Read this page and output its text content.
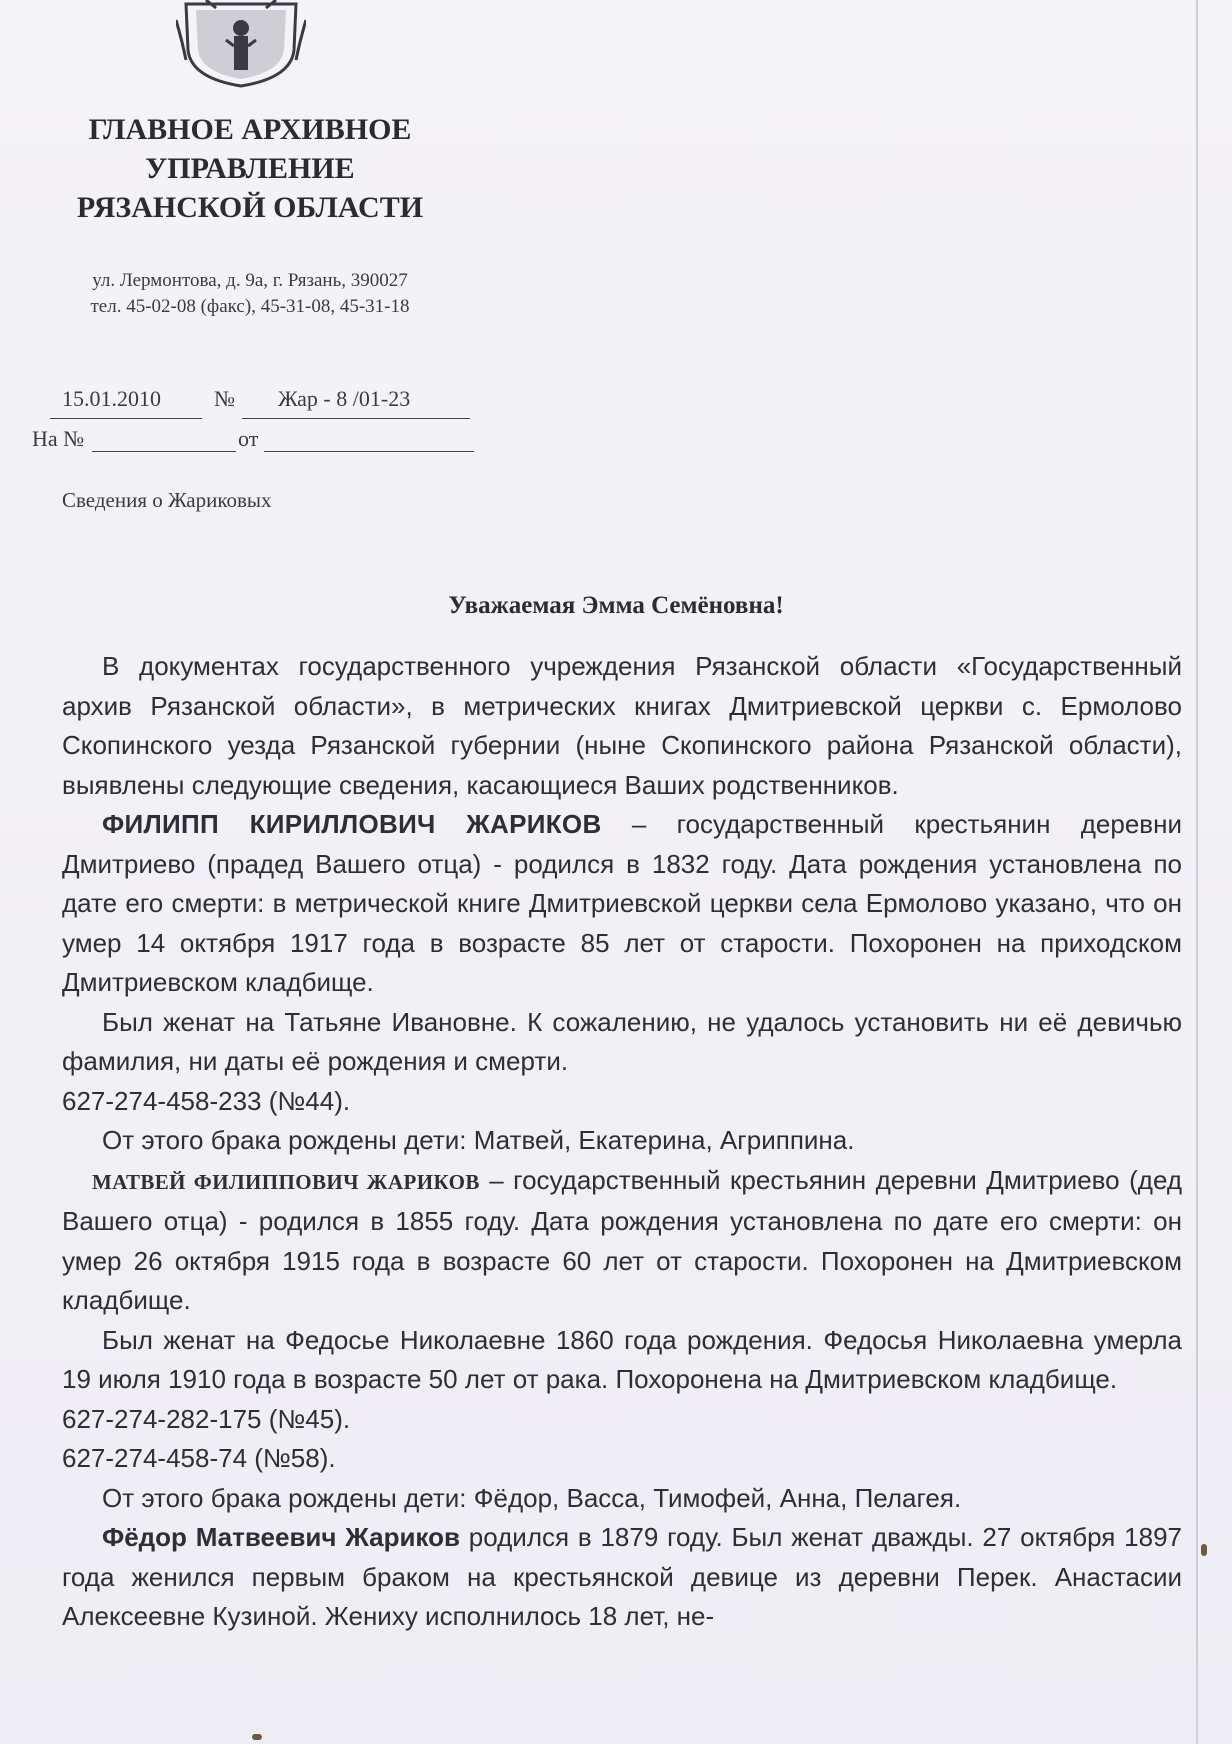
ГЛАВНОЕ АРХИВНОЕ
УПРАВЛЕНИЕ
РЯЗАНСКОЙ ОБЛАСТИ
ул. Лермонтова, д. 9а, г. Рязань, 390027
тел. 45-02-08 (факс), 45-31-08, 45-31-18
15.01.2010 № Жар - 8 /01-23
На №	от
Сведения о Жариковых
Уважаемая Эмма Семёновна!

В документах государственного учреждения Рязанской области «Государственный архив Рязанской области», в метрических книгах Дмитриевской церкви с. Ермолово Скопинского уезда Рязанской губернии (ныне Скопинского района Рязанской области), выявлены следующие сведения, касающиеся Ваших родственников.

ФИЛИПП КИРИЛЛОВИЧ ЖАРИКОВ – государственный крестьянин деревни Дмитриево (прадед Вашего отца) - родился в 1832 году. Дата рождения установлена по дате его смерти: в метрической книге Дмитриевской церкви села Ермолово указано, что он умер 14 октября 1917 года в возрасте 85 лет от старости. Похоронен на приходском Дмитриевском кладбище.

Был женат на Татьяне Ивановне. К сожалению, не удалось установить ни её девичью фамилия, ни даты её рождения и смерти.

627-274-458-233 (№44).

От этого брака рождены дети: Матвей, Екатерина, Агриппина.

МАТВЕЙ ФИЛИППОВИЧ ЖАРИКОВ – государственный крестьянин деревни Дмитриево (дед Вашего отца) - родился в 1855 году. Дата рождения установлена по дате его смерти: он умер 26 октября 1915 года в возрасте 60 лет от старости. Похоронен на Дмитриевском кладбище.

Был женат на Федосье Николаевне 1860 года рождения. Федосья Николаевна умерла 19 июля 1910 года в возрасте 50 лет от рака. Похоронена на Дмитриевском кладбище.

627-274-282-175 (№45).

627-274-458-74 (№58).

От этого брака рождены дети: Фёдор, Васса, Тимофей, Анна, Пелагея.

Фёдор Матвеевич Жариков родился в 1879 году. Был женат дважды. 27 октября 1897 года женился первым браком на крестьянской девице из деревни Перек. Анастасии Алексеевне Кузиной. Жениху исполнилось 18 лет, не-
